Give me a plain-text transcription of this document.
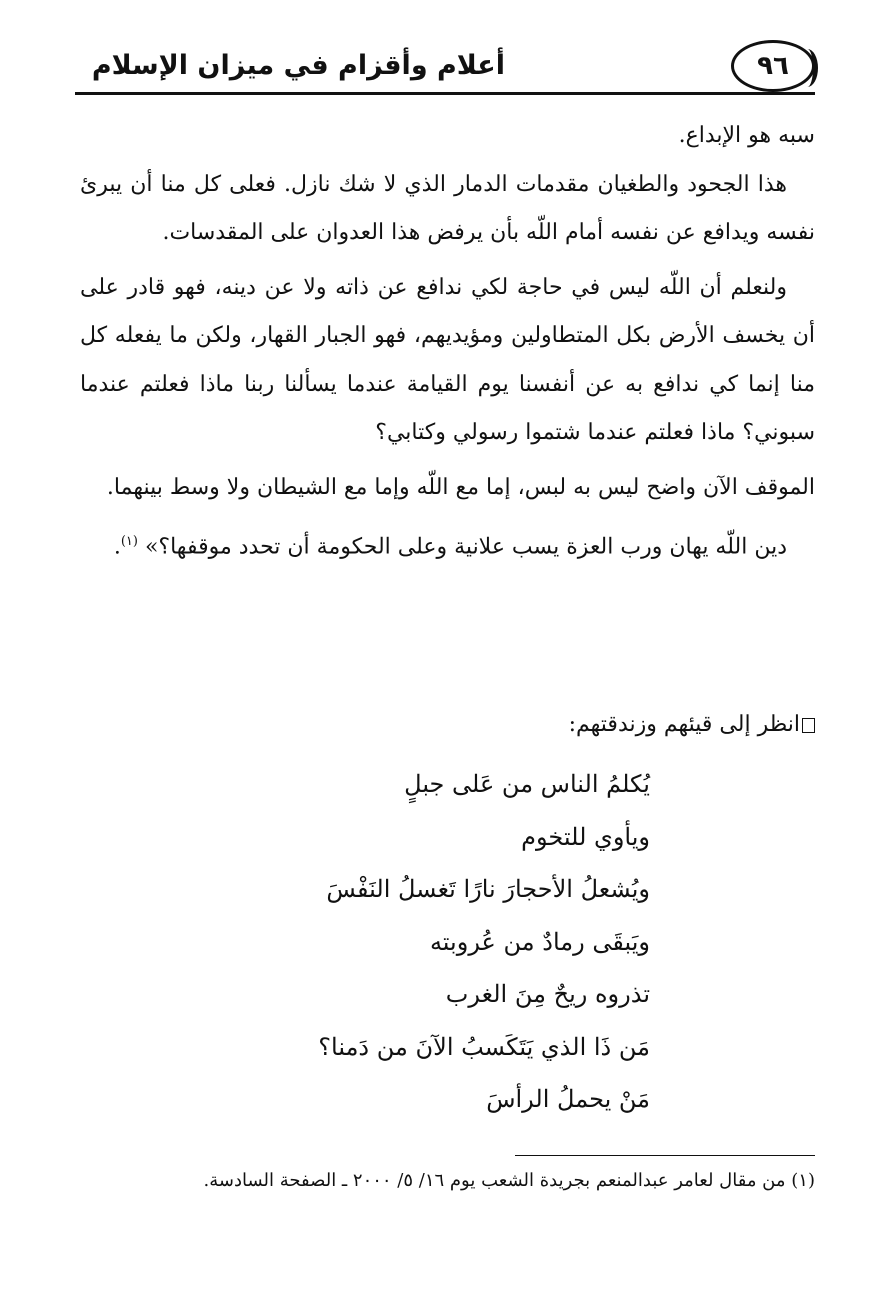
أعلام وأقزام في ميزان الإسلام	٩٦

سبه هو الإبداع.

هذا الجحود والطغيان مقدمات الدمار الذي لا شك نازل. فعلى كل منا أن يبرئ نفسه ويدافع عن نفسه أمام اللّه بأن يرفض هذا العدوان على المقدسات.

ولنعلم أن اللّه ليس في حاجة لكي ندافع عن ذاته ولا عن دينه، فهو قادر على أن يخسف الأرض بكل المتطاولين ومؤيديهم، فهو الجبار القهار، ولكن ما يفعله كل منا إنما كي ندافع به عن أنفسنا يوم القيامة عندما يسألنا ربنا ماذا فعلتم عندما سبوني؟ ماذا فعلتم عندما شتموا رسولي وكتابي؟

الموقف الآن واضح ليس به لبس، إما مع اللّه وإما مع الشيطان ولا وسط بينهما.

دين اللّه يهان ورب العزة يسب علانية وعلى الحكومة أن تحدد موقفها؟» $^{(١)}$.

انظر إلى قيئهم وزندقتهم:
يُكلمُ الناس من عَلى جبلٍ
ويأوي للتخوم
ويُشعلُ الأحجارَ نارًا تَغسلُ النَفْسَ
ويَبقَى رمادٌ من عُروبته
تذروه ريحٌ مِنَ الغرب
مَن ذَا الذي يَتَكَسبُ الآنَ من دَمنا؟
مَنْ يحملُ الرأسَ
(١) من مقال لعامر عبدالمنعم بجريدة الشعب يوم ١٦/ ٥/ ٢٠٠٠ ـ الصفحة السادسة.
